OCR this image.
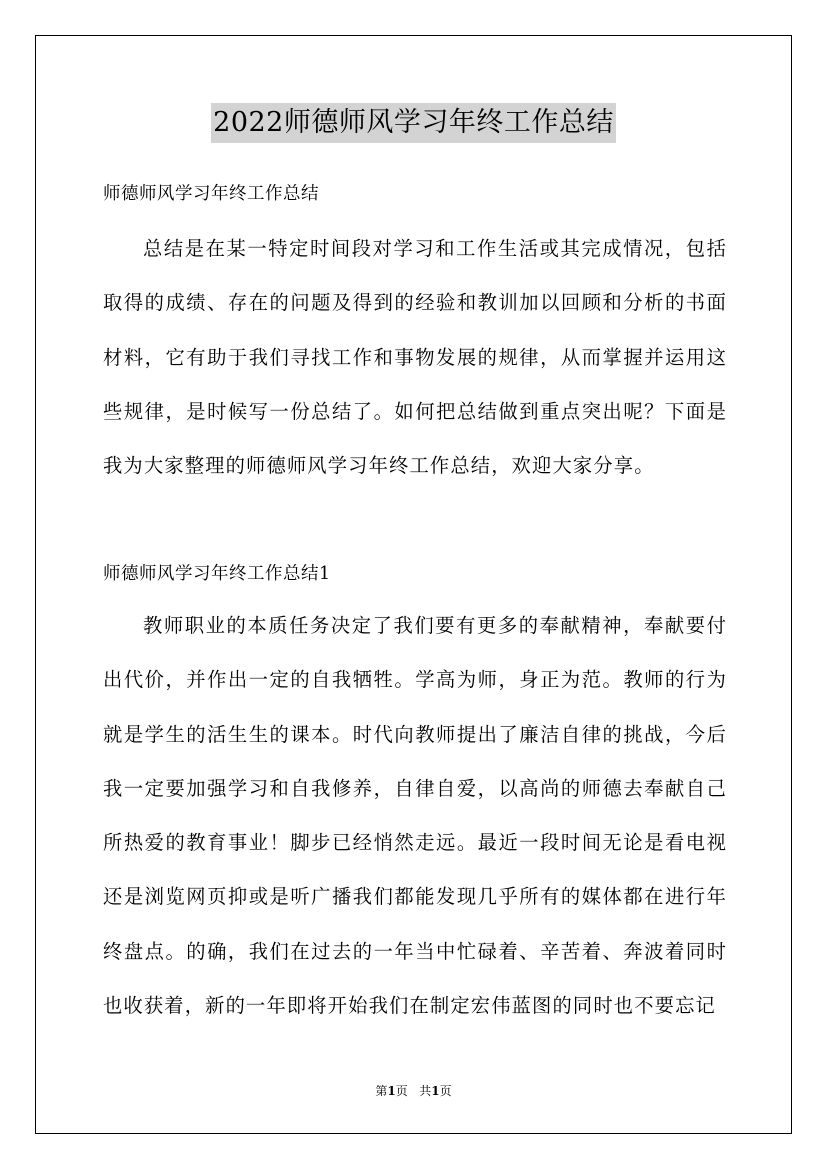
2022师德师风学习年终工作总结
师德师风学习年终工作总结

总结是在某一特定时间段对学习和工作生活或其完成情况，包括取得的成绩、存在的问题及得到的经验和教训加以回顾和分析的书面材料，它有助于我们寻找工作和事物发展的规律，从而掌握并运用这些规律，是时候写一份总结了。如何把总结做到重点突出呢？下面是我为大家整理的师德师风学习年终工作总结，欢迎大家分享。

师德师风学习年终工作总结1

教师职业的本质任务决定了我们要有更多的奉献精神，奉献要付出代价，并作出一定的自我牺牲。学高为师，身正为范。教师的行为就是学生的活生生的课本。时代向教师提出了廉洁自律的挑战，今后我一定要加强学习和自我修养，自律自爱，以高尚的师德去奉献自己所热爱的教育事业！脚步已经悄然走远。最近一段时间无论是看电视还是浏览网页抑或是听广播我们都能发现几乎所有的媒体都在进行年终盘点。的确，我们在过去的一年当中忙碌着、辛苦着、奔波着同时也收获着，新的一年即将开始我们在制定宏伟蓝图的同时也不要忘记

第1页 共1页
